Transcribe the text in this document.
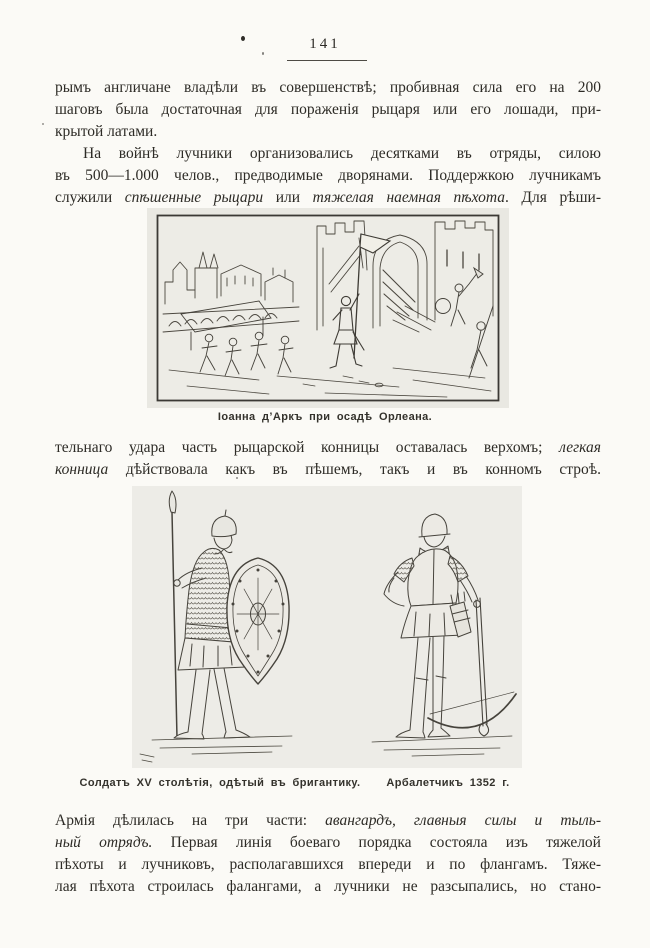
141
рымъ англичане владѣли въ совершенствѣ; пробивная сила его на 200
шаговъ была достаточная для пораженія рыцаря или его лошади, при-
крытой латами.
На войнѣ лучники организовались десятками въ отряды, силою
въ 500—1.000 челов., предводимые дворянами. Поддержкою лучникамъ
служили спѣшенные рыцари или тяжелая наемная пѣхота. Для рѣши-
Іоанна д’Аркъ при осадѣ Орлеана.
тельнаго удара часть рыцарской конницы оставалась верхомъ; легкая
конница дѣйствовала какъ въ пѣшемъ, такъ и въ конномъ строѣ.
Солдатъ XV столѣтія, одѣтый въ бригантику.	Арбалетчикъ 1352 г.
Армія дѣлилась на три части: авангардъ, главныя силы и тыль-
ный отрядъ. Первая линія боеваго порядка состояла изъ тяжелой
пѣхоты и лучниковъ, располагавшихся впереди и по флангамъ. Тяже-
лая пѣхота строилась фалангами, а лучники не разсыпались, но стано-
